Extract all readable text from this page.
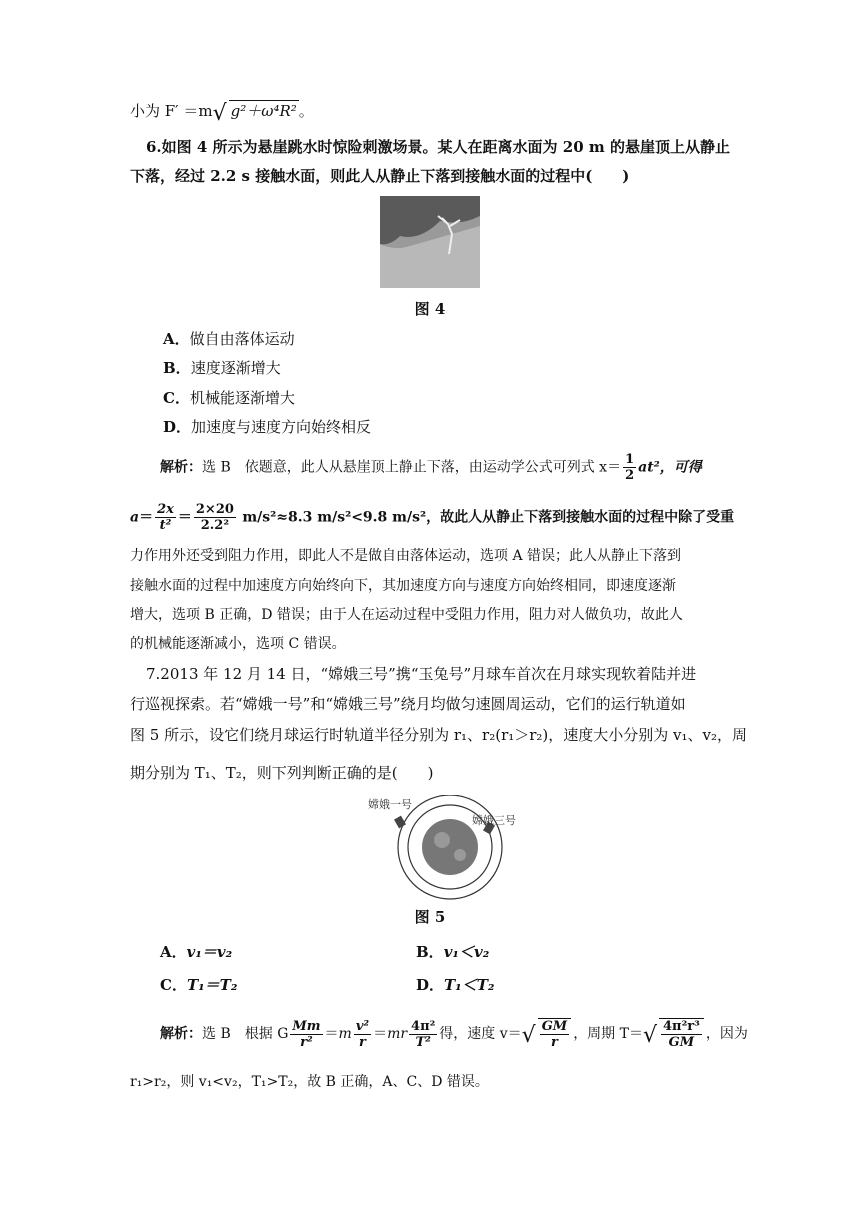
小为 F′ ＝m√ g²＋ω⁴R² 。
6.如图 4 所示为悬崖跳水时惊险刺激场景。某人在距离水面为 20 m 的悬崖顶上从静止
下落，经过 2.2 s 接触水面，则此人从静止下落到接触水面的过程中(　　)
图 4
A．做自由落体运动
B．速度逐渐增大
C．机械能逐渐增大
D．加速度与速度方向始终相反
解析：选 B　依题意，此人从悬崖顶上静止下落，由运动学公式可列式 $x= \frac{1}{2} at^2$，可得
$a= \frac{2x}{\text{t²}} = \frac{2\times 20}{\text{2.2²}} m/s^2\approx 8.3$ m/s²<9.8 m/s²，故此人从静止下落到接触水面的过程中除了受重
力作用外还受到阻力作用，即此人不是做自由落体运动，选项 A 错误；此人从静止下落到
接触水面的过程中加速度方向始终向下，其加速度方向与速度方向始终相同，即速度逐渐
增大，选项 B 正确，D 错误；由于人在运动过程中受阻力作用，阻力对人做负功，故此人
的机械能逐渐减小，选项 C 错误。
7.2013 年 12 月 14 日，“嫦娥三号”携“玉兔号”月球车首次在月球实现软着陆并进
行巡视探索。若“嫦娥一号”和“嫦娥三号”绕月均做匀速圆周运动，它们的运行轨道如
图 5 所示，设它们绕月球运行时轨道半径分别为 r₁、r₂(r₁＞r₂)，速度大小分别为 v₁、v₂，周
期分别为 T₁、T₂，则下列判断正确的是(　　)
嫦娥一号
嫦娥三号
图 5
A．v₁＝v₂	B．v₁＜v₂
C．T₁＝T₂	D．T₁＜T₂
解析：选 B　根据 G $\frac{Mm}{\text{r²}} =m \frac{\text{v²}}{r} =mr \frac{\text{4π²}}{\text{T²}}$ 得，速度 $v=√ \frac{GM}{r}$ ，周期 $T=√ \frac{\text{4π²r³}}{GM}$ ，因为
r₁>r₂，则 v₁<v₂，T₁>T₂，故 B 正确，A、C、D 错误。
